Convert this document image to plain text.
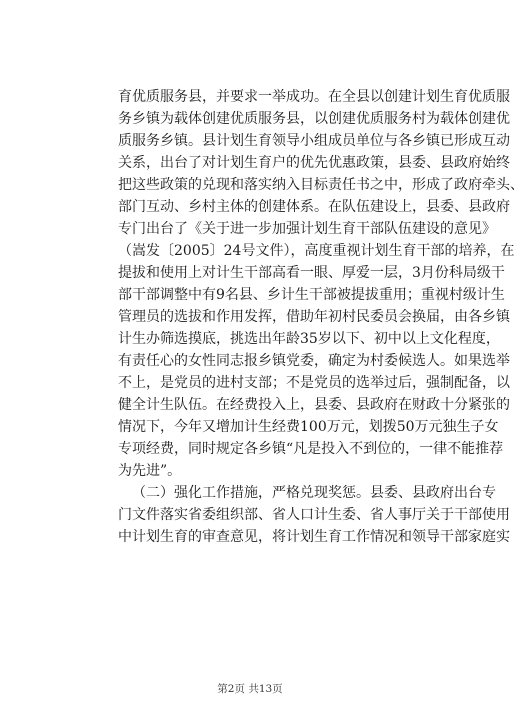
育优质服务县，并要求一举成功。在全县以创建计划生育优质服
务乡镇为载体创建优质服务县，以创建优质服务村为载体创建优
质服务乡镇。县计划生育领导小组成员单位与各乡镇已形成互动
关系，出台了对计划生育户的优先优惠政策，县委、县政府始终
把这些政策的兑现和落实纳入目标责任书之中，形成了政府牵头、
部门互动、乡村主体的创建体系。在队伍建设上，县委、县政府
专门出台了《关于进一步加强计划生育干部队伍建设的意见》
（嵩发〔2005〕24号文件），高度重视计划生育干部的培养，在
提拔和使用上对计生干部高看一眼、厚爱一层，3月份科局级干
部干部调整中有9名县、乡计生干部被提拔重用；重视村级计生
管理员的选拔和作用发挥，借助年初村民委员会换届，由各乡镇
计生办筛选摸底，挑选出年龄35岁以下、初中以上文化程度，
有责任心的女性同志报乡镇党委，确定为村委候选人。如果选举
不上，是党员的进村支部；不是党员的选举过后，强制配备，以
健全计生队伍。在经费投入上，县委、县政府在财政十分紧张的
情况下，今年又增加计生经费100万元，划拨50万元独生子女
专项经费，同时规定各乡镇“凡是投入不到位的，一律不能推荐
为先进”。
（二）强化工作措施，严格兑现奖惩。县委、县政府出台专
门文件落实省委组织部、省人口计生委、省人事厅关于干部使用
中计划生育的审查意见，将计划生育工作情况和领导干部家庭实
第2页 共13页
